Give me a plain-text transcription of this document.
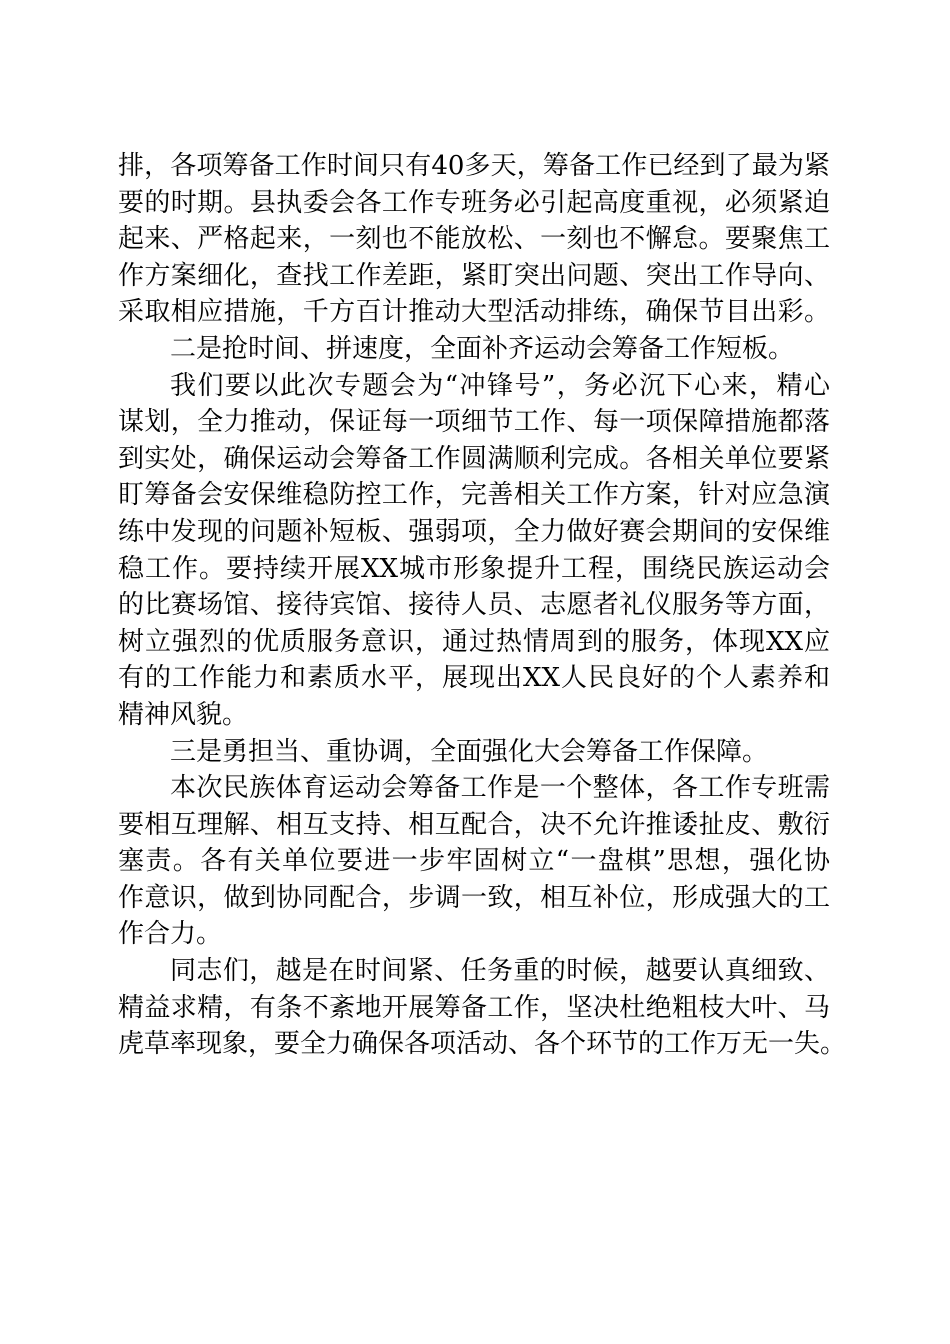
排，各项筹备工作时间只有40多天，筹备工作已经到了最为紧
要的时期。县执委会各工作专班务必引起高度重视，必须紧迫
起来、严格起来，一刻也不能放松、一刻也不懈怠。要聚焦工
作方案细化，查找工作差距，紧盯突出问题、突出工作导向、
采取相应措施，千方百计推动大型活动排练，确保节目出彩。
二是抢时间、拼速度，全面补齐运动会筹备工作短板。
我们要以此次专题会为“冲锋号”，务必沉下心来，精心
谋划，全力推动，保证每一项细节工作、每一项保障措施都落
到实处，确保运动会筹备工作圆满顺利完成。各相关单位要紧
盯筹备会安保维稳防控工作，完善相关工作方案，针对应急演
练中发现的问题补短板、强弱项，全力做好赛会期间的安保维
稳工作。要持续开展XX城市形象提升工程，围绕民族运动会
的比赛场馆、接待宾馆、接待人员、志愿者礼仪服务等方面，
树立强烈的优质服务意识，通过热情周到的服务，体现XX应
有的工作能力和素质水平，展现出XX人民良好的个人素养和
精神风貌。
三是勇担当、重协调，全面强化大会筹备工作保障。
本次民族体育运动会筹备工作是一个整体，各工作专班需
要相互理解、相互支持、相互配合，决不允许推诿扯皮、敷衍
塞责。各有关单位要进一步牢固树立“一盘棋”思想，强化协
作意识，做到协同配合，步调一致，相互补位，形成强大的工
作合力。
同志们，越是在时间紧、任务重的时候，越要认真细致、
精益求精，有条不紊地开展筹备工作，坚决杜绝粗枝大叶、马
虎草率现象，要全力确保各项活动、各个环节的工作万无一失。
